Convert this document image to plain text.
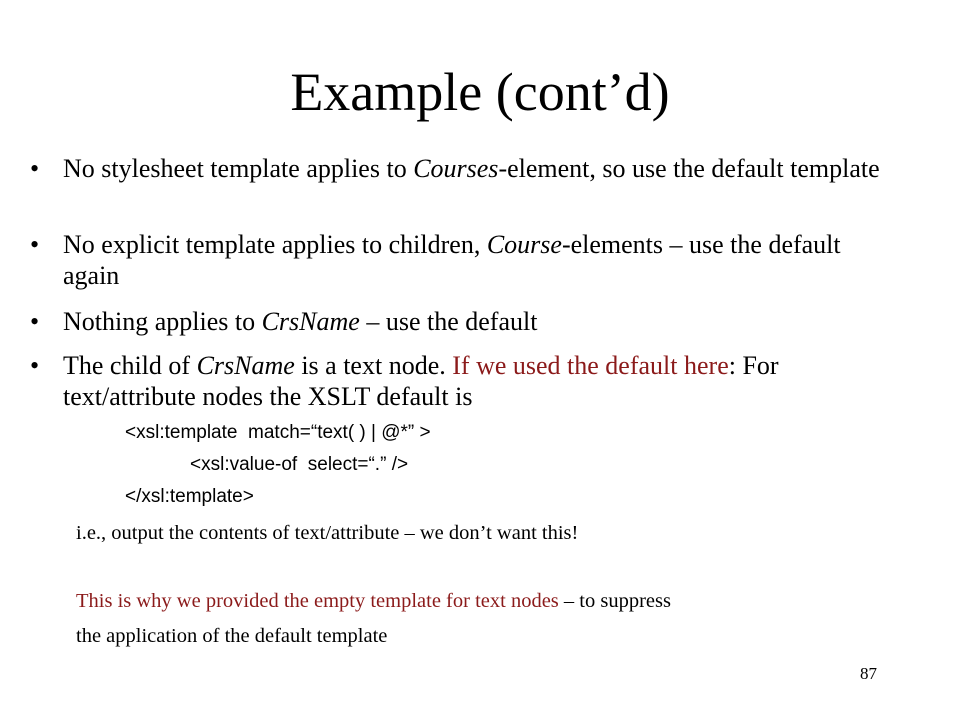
Example (cont’d)
• No stylesheet template applies to Courses-element, so use the default template
• No explicit template applies to children, Course-elements – use the default again
• Nothing applies to CrsName – use the default
• The child of CrsName is a text node. If we used the default here: For text/attribute nodes the XSLT default is
<xsl:template  match=“text( ) | @*” >
<xsl:value-of  select=“.” />
</xsl:template>
i.e., output the contents of text/attribute – we don’t want this!
This is why we provided the empty template for text nodes – to suppress
the application of the default template
87
